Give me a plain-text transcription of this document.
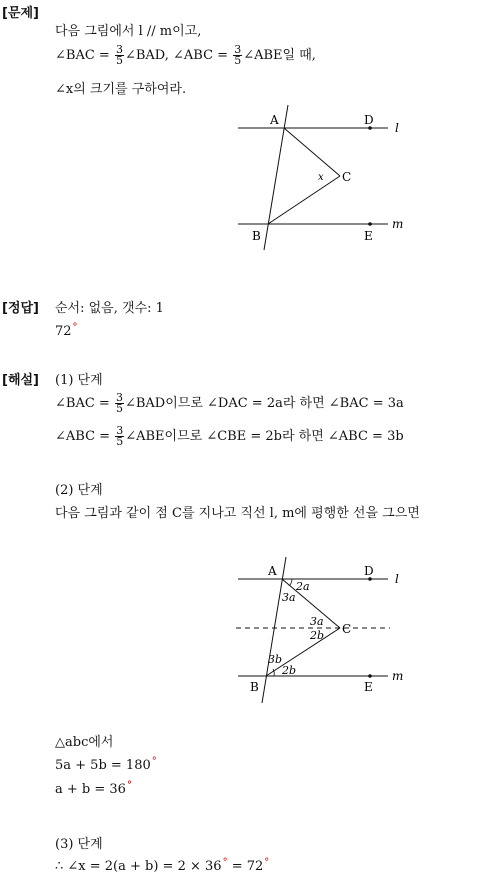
[문제]
다음 그림에서 l // m이고,
∠BAC = $\frac{3}{5}$ ∠BAD, ∠ABC = $\frac{3}{5}$ ∠ABE일 때,
∠x의 크기를 구하여라.
A	D
l
C
x
B	E
m
[정답] 순서: 없음, 갯수: 1
72°
[해설] (1) 단계
∠BAC = $\frac{3}{5}$ ∠BAD이므로 ∠DAC = 2a라 하면 ∠BAC = 3a
∠ABC = $\frac{3}{5}$ ∠ABE이므로 ∠CBE = 2b라 하면 ∠ABC = 3b
(2) 단계
다음 그림과 같이 점 C를 지나고 직선 l, m에 평행한 선을 그으면
A	D
l
2a
3a
3a
2b C
3b
2b
B	E
m
△abc에서
5a + 5b = 180°
a + b = 36°
(3) 단계
∴ ∠x = 2(a + b) = 2 × 36° = 72°
